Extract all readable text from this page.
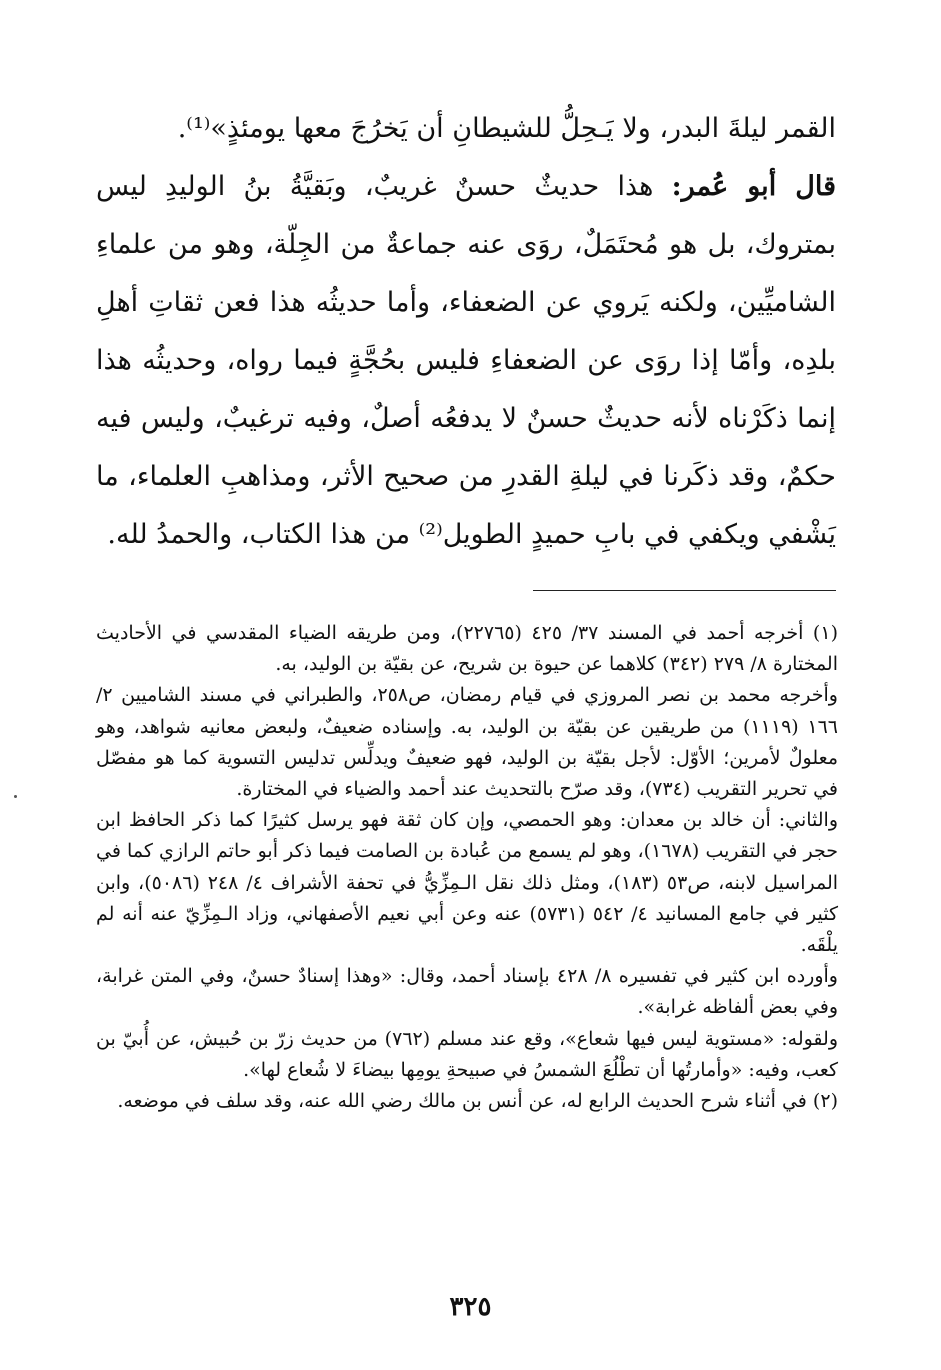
القمر ليلةَ البدر، ولا يَـحِلُّ للشيطانِ أن يَخرُجَ معها يومئذٍ»⁽¹⁾.

قال أبو عُمر: هذا حديثٌ حسنٌ غريبٌ، وبَقيَّةُ بنُ الوليدِ ليس بمتروك، بل هو مُحتَمَلٌ، روَى عنه جماعةٌ من الجِلّة، وهو من علماءِ الشاميِّين، ولكنه يَروي عن الضعفاء، وأما حديثُه هذا فعن ثقاتِ أهلِ بلدِه، وأمّا إذا روَى عن الضعفاءِ فليس بحُجَّةٍ فيما رواه، وحديثُه هذا إنما ذكَرْناه لأنه حديثٌ حسنٌ لا يدفعُه أصلٌ، وفيه ترغيبٌ، وليس فيه حكمٌ، وقد ذكَرنا في ليلةِ القدرِ من صحيح الأثر، ومذاهبِ العلماء، ما يَشْفي ويكفي في بابِ حميدٍ الطويل⁽²⁾ من هذا الكتاب، والحمدُ لله.

(١) أخرجه أحمد في المسند ٣٧/ ٤٢٥ (٢٢٧٦٥)، ومن طريقه الضياء المقدسي في الأحاديث المختارة ٨/ ٢٧٩ (٣٤٢) كلاهما عن حيوة بن شريح، عن بقيّة بن الوليد، به.

وأخرجه محمد بن نصر المروزي في قيام رمضان، ص٢٥٨، والطبراني في مسند الشاميين ٢/ ١٦٦ (١١١٩) من طريقين عن بقيّة بن الوليد، به. وإسناده ضعيفٌ، ولبعض معانيه شواهد، وهو معلولٌ لأمرين؛ الأوّل: لأجل بقيّة بن الوليد، فهو ضعيفٌ ويدلِّس تدليس التسوية كما هو مفصّل في تحرير التقريب (٧٣٤)، وقد صرّح بالتحديث عند أحمد والضياء في المختارة.

والثاني: أن خالد بن معدان: وهو الحمصي، وإن كان ثقة فهو يرسل كثيرًا كما ذكر الحافظ ابن حجر في التقريب (١٦٧٨)، وهو لم يسمع من عُبادة بن الصامت فيما ذكر أبو حاتم الرازي كما في المراسيل لابنه، ص٥٣ (١٨٣)، ومثل ذلك نقل الـمِزِّيُّ في تحفة الأشراف ٤/ ٢٤٨ (٥٠٨٦)، وابن كثير في جامع المسانيد ٤/ ٥٤٢ (٥٧٣١) عنه وعن أبي نعيم الأصفهاني، وزاد الـمِزِّيّ عنه أنه لم يلْقَه.

وأورده ابن كثير في تفسيره ٨/ ٤٢٨ بإسناد أحمد، وقال: «وهذا إسنادٌ حسنٌ، وفي المتن غرابة، وفي بعض ألفاظه غرابة».

ولقوله: «مستوية ليس فيها شعاع»، وقع عند مسلم (٧٦٢) من حديث زرّ بن حُبيش، عن أُبيّ بن كعب، وفيه: «وأمارتُها أن تطْلُعَ الشمسُ في صبيحةِ يومِها بيضاءَ لا شُعاع لها».

(٢) في أثناء شرح الحديث الرابع له، عن أنس بن مالك رضي الله عنه، وقد سلف في موضعه.

٣٢٥
